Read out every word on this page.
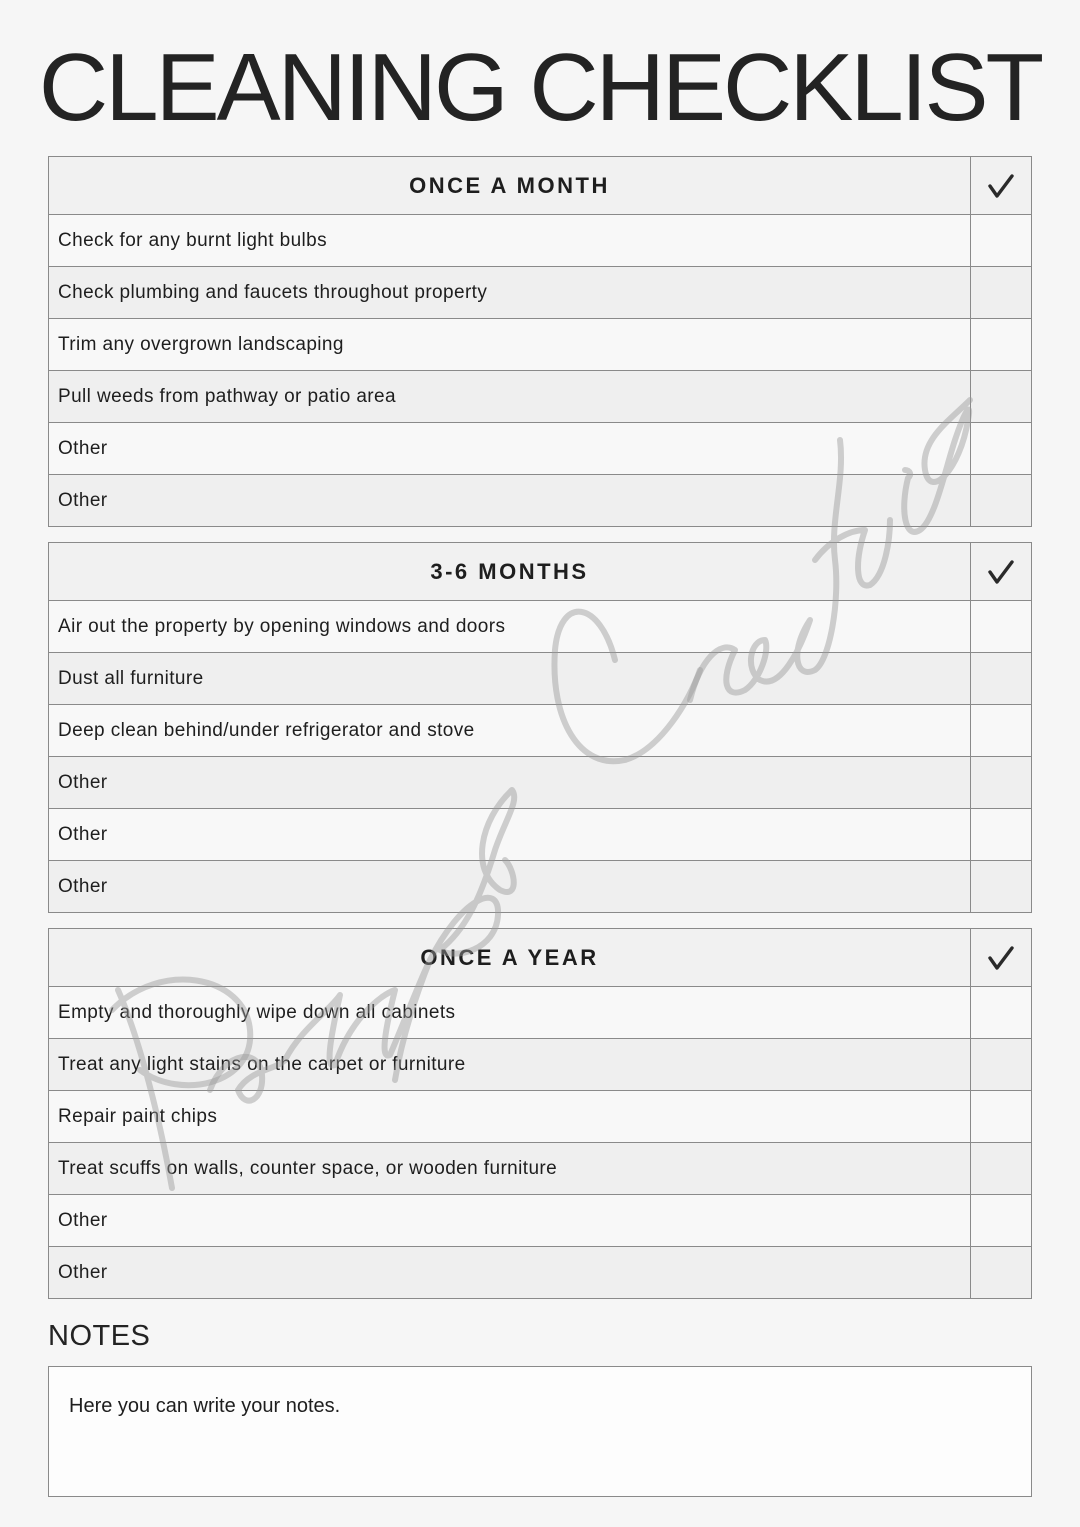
CLEANING CHECKLIST
ONCE A MONTH
Check for any burnt light bulbs
Check plumbing and faucets throughout property
Trim any overgrown landscaping
Pull weeds from pathway or patio area
Other
Other
3-6 MONTHS
Air out the property by opening windows and doors
Dust all furniture
Deep clean behind/under refrigerator and stove
Other
Other
Other
ONCE A YEAR
Empty and thoroughly wipe down all cabinets
Treat any light stains on the carpet or furniture
Repair paint chips
Treat scuffs on walls, counter space, or wooden furniture
Other
Other
NOTES
Here you can write your notes.
